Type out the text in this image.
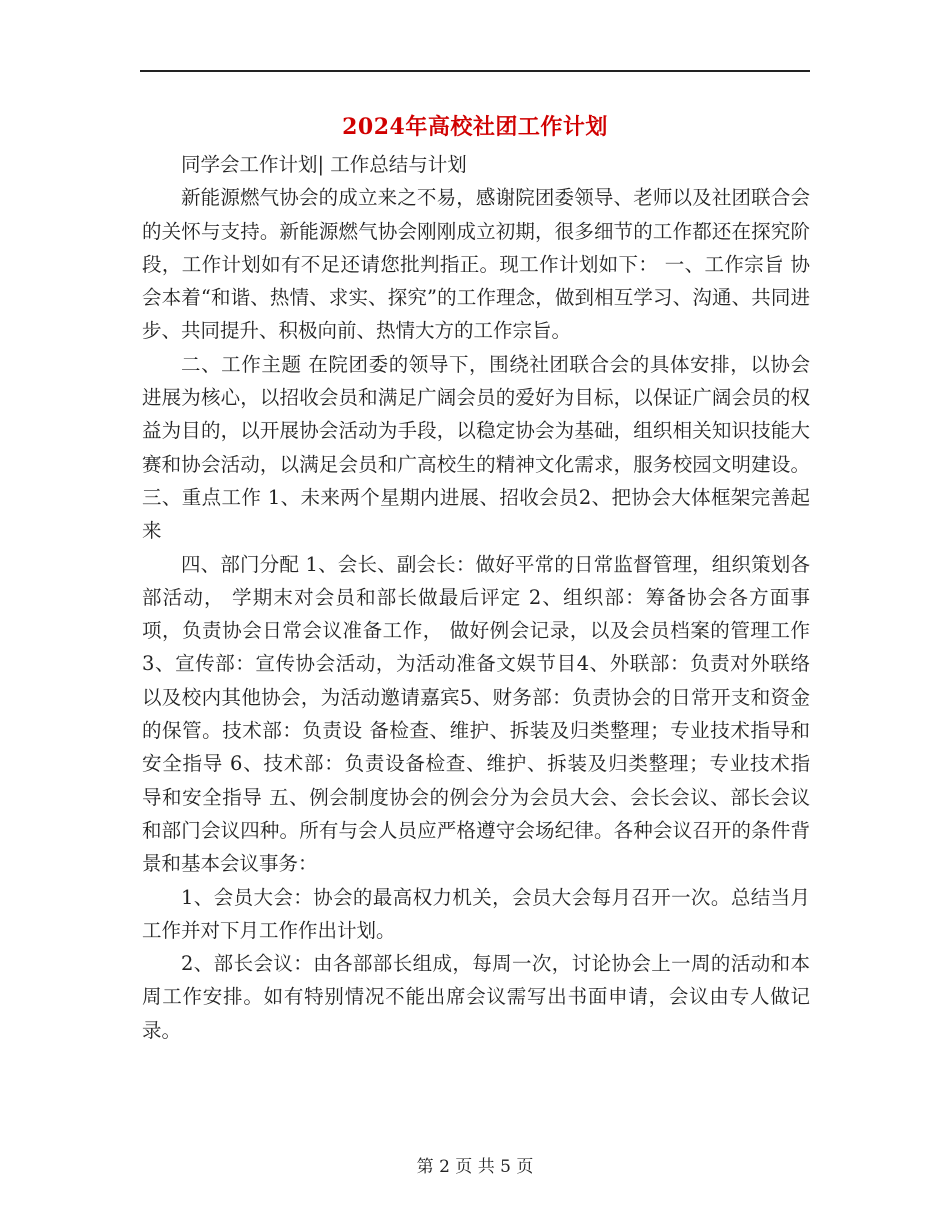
2024年高校社团工作计划

同学会工作计划| 工作总结与计划

新能源燃气协会的成立来之不易，感谢院团委领导、老师以及社团联合会的关怀与支持。新能源燃气协会刚刚成立初期，很多细节的工作都还在探究阶段，工作计划如有不足还请您批判指正。现工作计划如下： 一、工作宗旨 协会本着“和谐、热情、求实、探究”的工作理念，做到相互学习、沟通、共同进步、共同提升、积极向前、热情大方的工作宗旨。

二、工作主题 在院团委的领导下，围绕社团联合会的具体安排，以协会进展为核心，以招收会员和满足广阔会员的爱好为目标，以保证广阔会员的权益为目的，以开展协会活动为手段，以稳定协会为基础，组织相关知识技能大赛和协会活动，以满足会员和广高校生的精神文化需求，服务校园文明建设。 三、重点工作 1、未来两个星期内进展、招收会员2、把协会大体框架完善起来

四、部门分配 1、会长、副会长：做好平常的日常监督管理，组织策划各部活动， 学期末对会员和部长做最后评定 2、组织部：筹备协会各方面事项，负责协会日常会议准备工作， 做好例会记录，以及会员档案的管理工作3、宣传部：宣传协会活动，为活动准备文娱节目4、外联部：负责对外联络以及校内其他协会，为活动邀请嘉宾5、财务部：负责协会的日常开支和资金的保管。技术部：负责设 备检查、维护、拆装及归类整理；专业技术指导和安全指导 6、技术部：负责设备检查、维护、拆装及归类整理；专业技术指 导和安全指导 五、例会制度协会的例会分为会员大会、会长会议、部长会议和部门会议四种。所有与会人员应严格遵守会场纪律。各种会议召开的条件背景和基本会议事务：

1、会员大会：协会的最高权力机关，会员大会每月召开一次。总结当月工作并对下月工作作出计划。

2、部长会议：由各部部长组成，每周一次，讨论协会上一周的活动和本周工作安排。如有特别情况不能出席会议需写出书面申请，会议由专人做记录。

第 2 页 共 5 页
